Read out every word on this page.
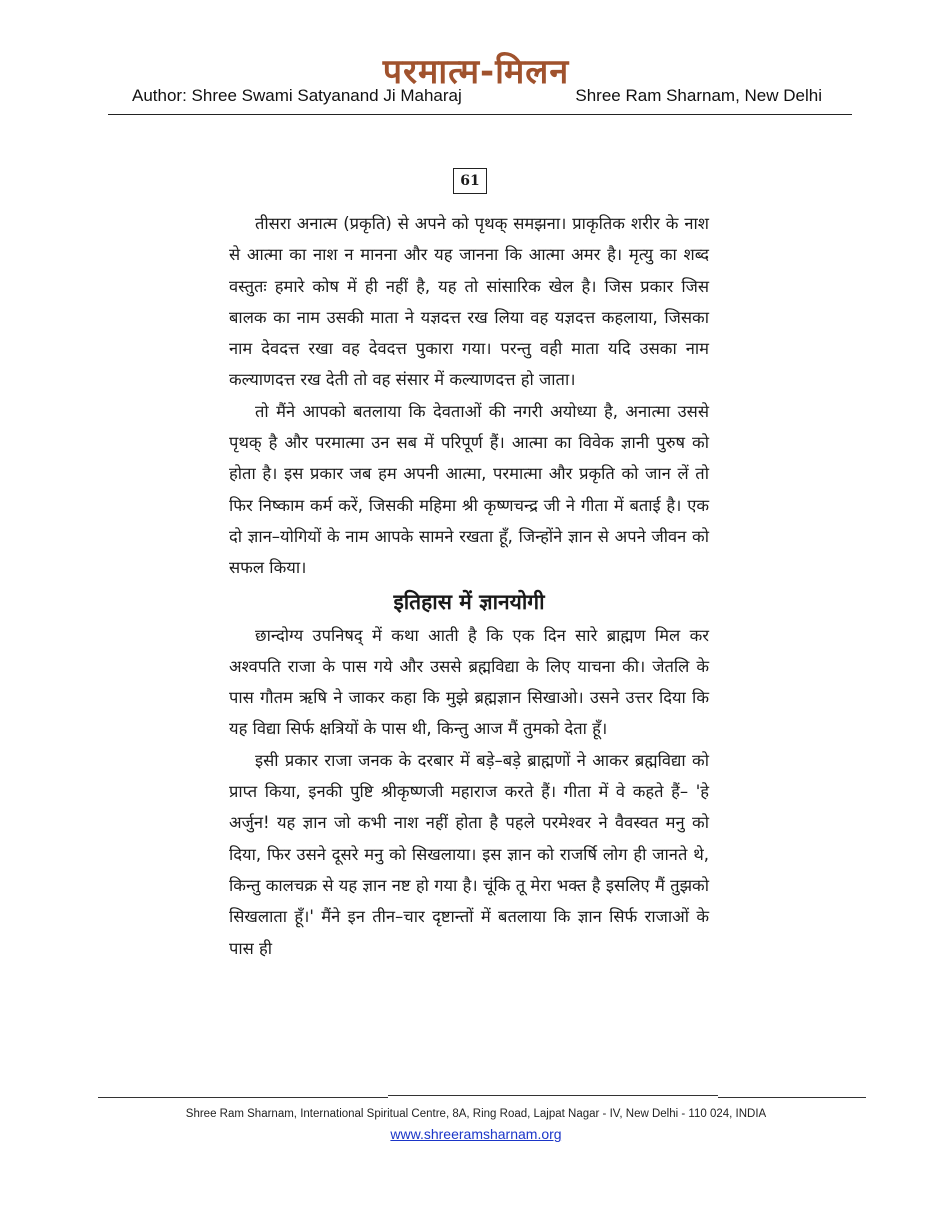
परमात्म-मिलन
Author: Shree Swami Satyanand Ji Maharaj	Shree Ram Sharnam, New Delhi
61

तीसरा अनात्म (प्रकृति) से अपने को पृथक् समझना। प्राकृतिक शरीर के नाश से आत्मा का नाश न मानना और यह जानना कि आत्मा अमर है। मृत्यु का शब्द वस्तुतः हमारे कोष में ही नहीं है, यह तो सांसारिक खेल है। जिस प्रकार जिस बालक का नाम उसकी माता ने यज्ञदत्त रख लिया वह यज्ञदत्त कहलाया, जिसका नाम देवदत्त रखा वह देवदत्त पुकारा गया। परन्तु वही माता यदि उसका नाम कल्याणदत्त रख देती तो वह संसार में कल्याणदत्त हो जाता।

तो मैंने आपको बतलाया कि देवताओं की नगरी अयोध्या है, अनात्मा उससे पृथक् है और परमात्मा उन सब में परिपूर्ण हैं। आत्मा का विवेक ज्ञानी पुरुष को होता है। इस प्रकार जब हम अपनी आत्मा, परमात्मा और प्रकृति को जान लें तो फिर निष्काम कर्म करें, जिसकी महिमा श्री कृष्णचन्द्र जी ने गीता में बताई है। एक दो ज्ञान–योगियों के नाम आपके सामने रखता हूँ, जिन्होंने ज्ञान से अपने जीवन को सफल किया।

इतिहास में ज्ञानयोगी

छान्दोग्य उपनिषद् में कथा आती है कि एक दिन सारे ब्राह्मण मिल कर अश्वपति राजा के पास गये और उससे ब्रह्मविद्या के लिए याचना की। जेतलि के पास गौतम ऋषि ने जाकर कहा कि मुझे ब्रह्मज्ञान सिखाओ। उसने उत्तर दिया कि यह विद्या सिर्फ क्षत्रियों के पास थी, किन्तु आज मैं तुमको देता हूँ।

इसी प्रकार राजा जनक के दरबार में बड़े–बड़े ब्राह्मणों ने आकर ब्रह्मविद्या को प्राप्त किया, इनकी पुष्टि श्रीकृष्णजी महाराज करते हैं। गीता में वे कहते हैं– 'हे अर्जुन! यह ज्ञान जो कभी नाश नहीं होता है पहले परमेश्वर ने वैवस्वत मनु को दिया, फिर उसने दूसरे मनु को सिखलाया। इस ज्ञान को राजर्षि लोग ही जानते थे, किन्तु कालचक्र से यह ज्ञान नष्ट हो गया है। चूंकि तू मेरा भक्त है इसलिए मैं तुझको सिखलाता हूँ।' मैंने इन तीन–चार दृष्टान्तों में बतलाया कि ज्ञान सिर्फ राजाओं के पास ही

Shree Ram Sharnam, International Spiritual Centre, 8A, Ring Road, Lajpat Nagar - IV, New Delhi - 110 024, INDIA
www.shreeramsharnam.org
